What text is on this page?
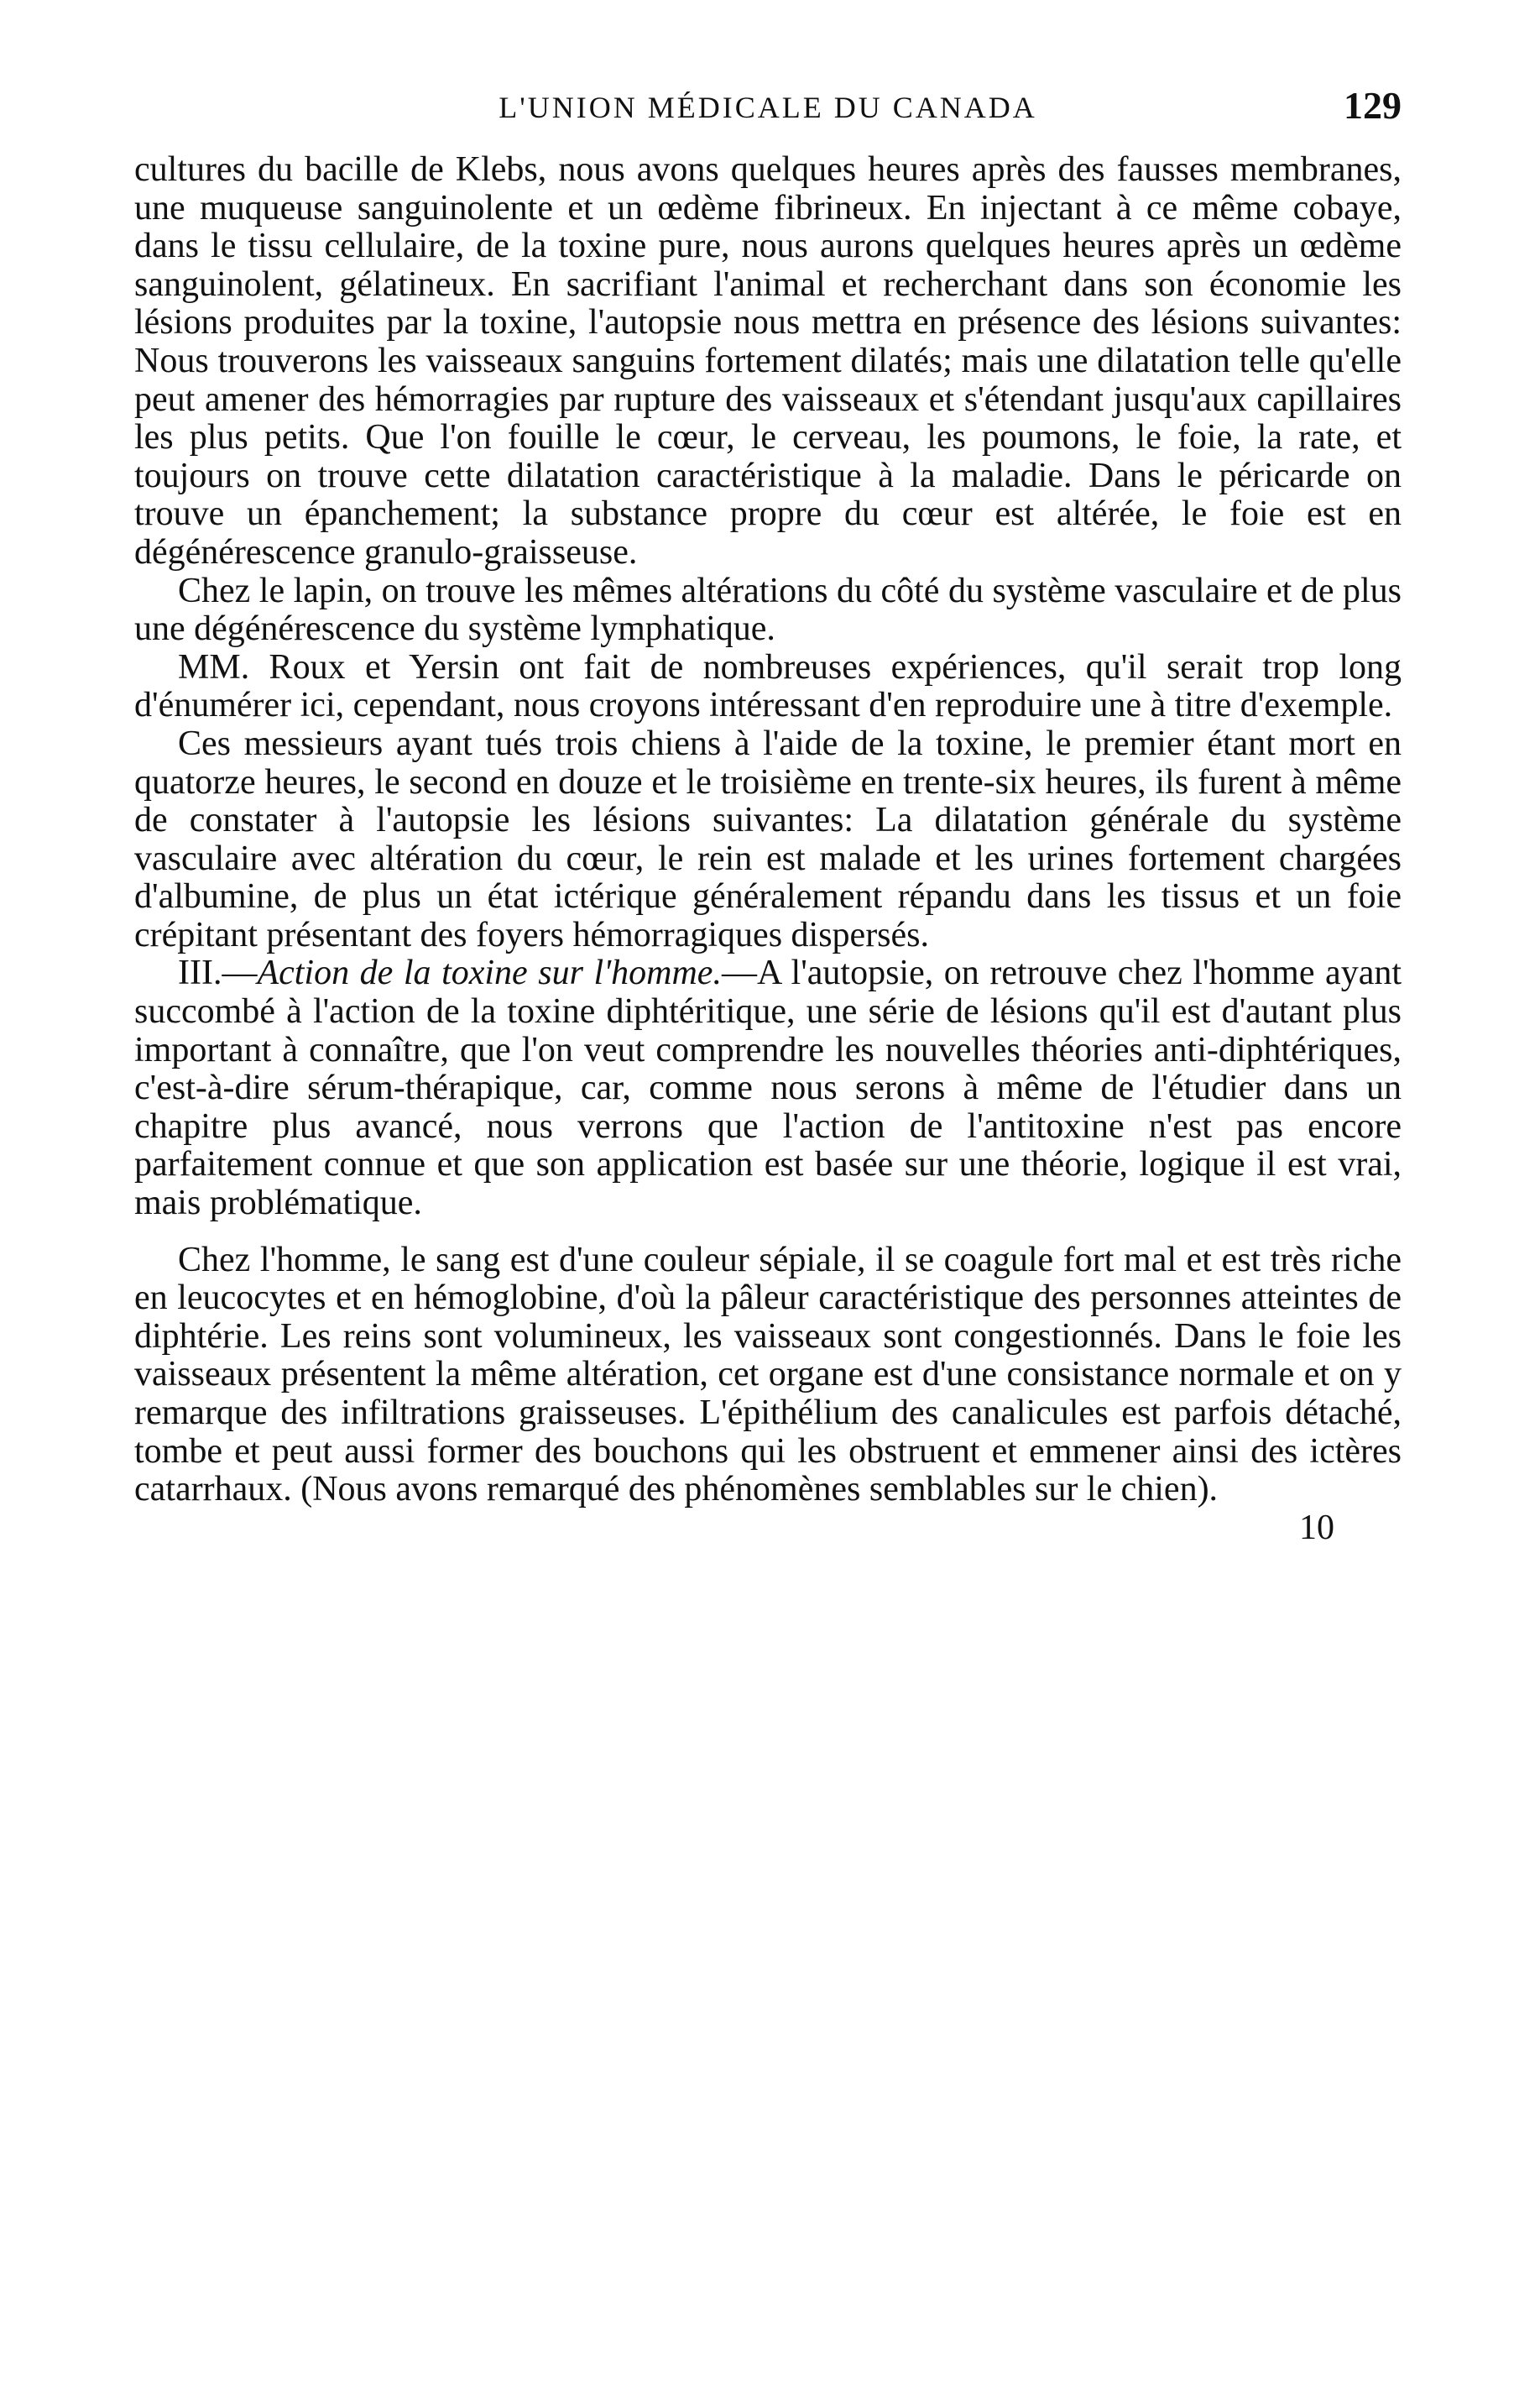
L'UNION MÉDICALE DU CANADA	129

cultures du bacille de Klebs, nous avons quelques heures après des fausses membranes, une muqueuse sanguinolente et un œdème fibrineux. En injectant à ce même cobaye, dans le tissu cellulaire, de la toxine pure, nous aurons quelques heures après un œdème sanguinolent, gélatineux. En sacrifiant l'animal et recherchant dans son économie les lésions produites par la toxine, l'autopsie nous mettra en présence des lésions suivantes: Nous trouverons les vaisseaux sanguins fortement dilatés; mais une dilatation telle qu'elle peut amener des hémorragies par rupture des vaisseaux et s'étendant jusqu'aux capillaires les plus petits. Que l'on fouille le cœur, le cerveau, les poumons, le foie, la rate, et toujours on trouve cette dilatation caractéristique à la maladie. Dans le péricarde on trouve un épanchement; la substance propre du cœur est altérée, le foie est en dégénérescence granulo-graisseuse.

Chez le lapin, on trouve les mêmes altérations du côté du système vasculaire et de plus une dégénérescence du système lymphatique.

MM. Roux et Yersin ont fait de nombreuses expériences, qu'il serait trop long d'énumérer ici, cependant, nous croyons intéressant d'en reproduire une à titre d'exemple.

Ces messieurs ayant tués trois chiens à l'aide de la toxine, le premier étant mort en quatorze heures, le second en douze et le troisième en trente-six heures, ils furent à même de constater à l'autopsie les lésions suivantes: La dilatation générale du système vasculaire avec altération du cœur, le rein est malade et les urines fortement chargées d'albumine, de plus un état ictérique généralement répandu dans les tissus et un foie crépitant présentant des foyers hémorragiques dispersés.

III.—Action de la toxine sur l'homme.—A l'autopsie, on retrouve chez l'homme ayant succombé à l'action de la toxine diphtéritique, une série de lésions qu'il est d'autant plus important à connaître, que l'on veut comprendre les nouvelles théories anti-diphtériques, c'est-à-dire sérum-thérapique, car, comme nous serons à même de l'étudier dans un chapitre plus avancé, nous verrons que l'action de l'antitoxine n'est pas encore parfaitement connue et que son application est basée sur une théorie, logique il est vrai, mais problématique.

Chez l'homme, le sang est d'une couleur sépiale, il se coagule fort mal et est très riche en leucocytes et en hémoglobine, d'où la pâleur caractéristique des personnes atteintes de diphtérie. Les reins sont volumineux, les vaisseaux sont congestionnés. Dans le foie les vaisseaux présentent la même altération, cet organe est d'une consistance normale et on y remarque des infiltrations graisseuses. L'épithélium des canalicules est parfois détaché, tombe et peut aussi former des bouchons qui les obstruent et emmener ainsi des ictères catarrhaux. (Nous avons remarqué des phénomènes semblables sur le chien).

10
